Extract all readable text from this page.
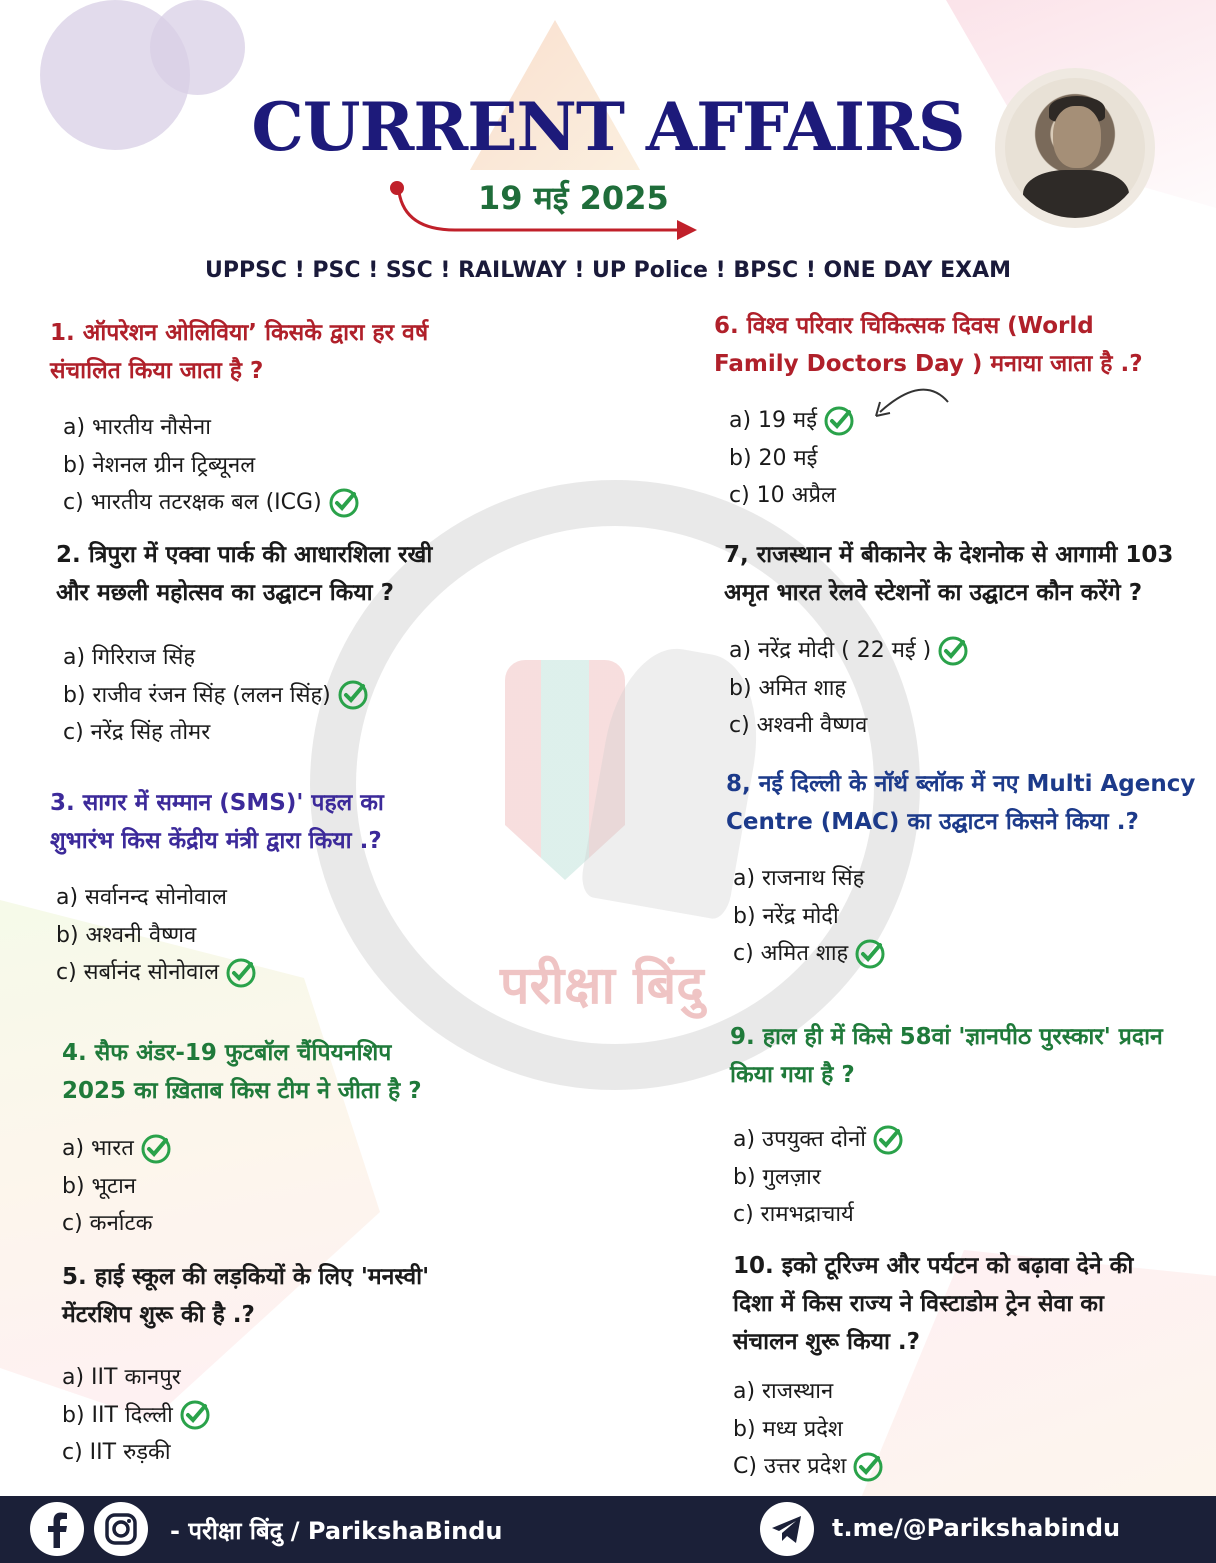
परीक्षा बिंदु
CURRENT AFFAIRS
19 मई 2025
UPPSC ! PSC ! SSC ! RAILWAY ! UP Police ! BPSC ! ONE DAY EXAM
1. ऑपरेशन ओलिविया’ किसके द्वारा हर वर्ष
संचालित किया जाता है ?
a) भारतीय नौसेना
b) नेशनल ग्रीन ट्रिब्यूनल
c) भारतीय तटरक्षक बल (ICG)
2. त्रिपुरा में एक्वा पार्क की आधारशिला रखी
और मछली महोत्सव का उद्घाटन किया ?
a) गिरिराज सिंह
b) राजीव रंजन सिंह (ललन सिंह)
c) नरेंद्र सिंह तोमर
3. सागर में सम्मान (SMS)' पहल का
शुभारंभ किस केंद्रीय मंत्री द्वारा किया .?
a) सर्वानन्द सोनोवाल
b) अश्वनी वैष्णव
c) सर्बानंद सोनोवाल
4. सैफ अंडर-19 फुटबॉल चैंपियनशिप
2025 का ख़िताब किस टीम ने जीता है ?
a) भारत
b) भूटान
c) कर्नाटक
5. हाई स्कूल की लड़कियों के लिए 'मनस्वी'
मेंटरशिप शुरू की है .?
a) IIT कानपुर
b) IIT दिल्ली
c) IIT रुड़की
6. विश्व परिवार चिकित्सक दिवस (World
Family Doctors Day ) मनाया जाता है .?
a) 19 मई
b) 20 मई
c) 10 अप्रैल
7, राजस्थान में बीकानेर के देशनोक से आगामी 103
अमृत भारत रेलवे स्टेशनों का उद्घाटन कौन करेंगे ?
a) नरेंद्र मोदी ( 22 मई )
b) अमित शाह
c) अश्वनी वैष्णव
8, नई दिल्ली के नॉर्थ ब्लॉक में नए Multi Agency
Centre (MAC) का उद्घाटन किसने किया .?
a) राजनाथ सिंह
b) नरेंद्र मोदी
c) अमित शाह
9. हाल ही में किसे 58वां 'ज्ञानपीठ पुरस्कार' प्रदान
किया गया है ?
a) उपयुक्त दोनों
b) गुलज़ार
c) रामभद्राचार्य
10. इको टूरिज्म और पर्यटन को बढ़ावा देने की
दिशा में किस राज्य ने विस्टाडोम ट्रेन सेवा का
संचालन शुरू किया .?
a) राजस्थान
b) मध्य प्रदेश
C) उत्तर प्रदेश
- परीक्षा बिंदु / ParikshaBindu	t.me/@Parikshabindu
